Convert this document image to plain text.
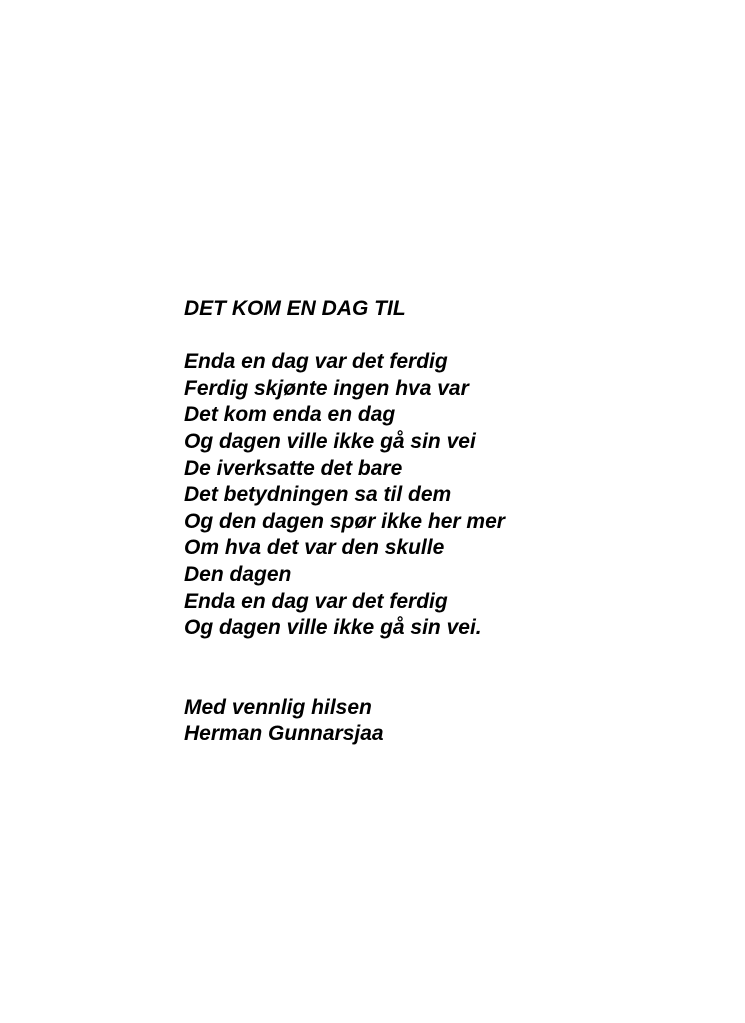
DET KOM EN DAG TIL
Enda en dag var det ferdig
Ferdig skjønte ingen hva var
Det kom enda en dag
Og dagen ville ikke gå sin vei
De iverksatte det bare
Det betydningen sa til dem
Og den dagen spør ikke her mer
Om hva det var den skulle
Den dagen
Enda en dag var det ferdig
Og dagen ville ikke gå sin vei.
Med vennlig hilsen
Herman Gunnarsjaa
